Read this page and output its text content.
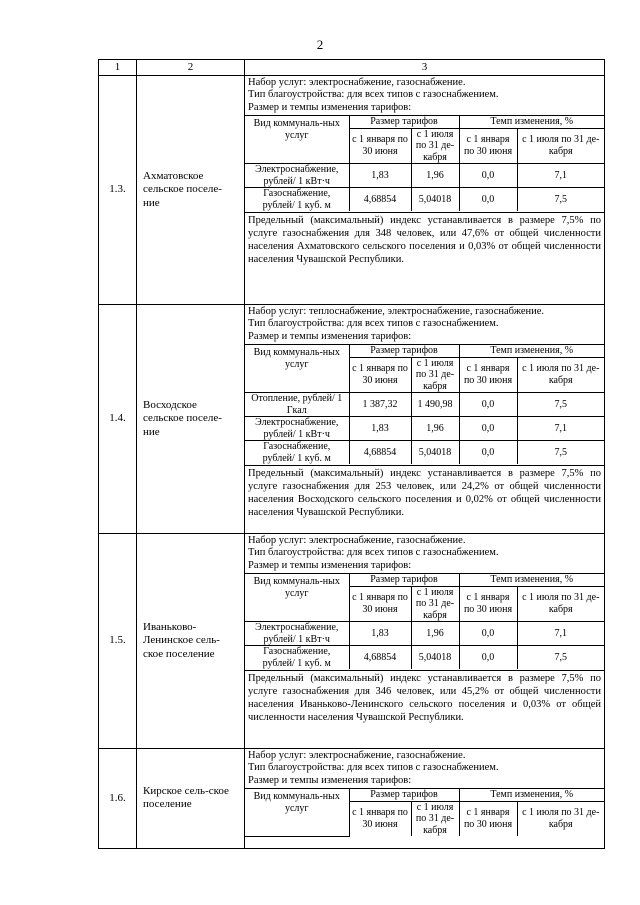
2
1	2	3
1.3.	Ахматовское сельское поселе-ние	
Набор услуг: электроснабжение, газоснабжение.
Тип благоустройства: для всех типов с газоснабжением.
Размер и темпы изменения тарифов:
Вид коммуналь-ных услуг	Размер тарифов	Темп изменения, %
с 1 января по 30 июня	с 1 июля по 31 де-кабря	с 1 января по 30 июня	с 1 июля по 31 де-кабря
Электроснабжение, рублей/ 1 кВт·ч	1,83	1,96	0,0	7,1
Газоснабжение, рублей/ 1 куб. м	4,68854	5,04018	0,0	7,5
Предельный (максимальный) индекс устанавливается в размере 7,5% по услуге газоснабжения для 348 человек, или 47,6% от общей численности населения Ахматовского сельского поселения и 0,03% от общей численности населения Чувашской Республики.

1.4.	Восходское сельское поселе-ние	
Набор услуг: теплоснабжение, электроснабжение, газоснабжение.
Тип благоустройства: для всех типов с газоснабжением.
Размер и темпы изменения тарифов:
Вид коммуналь-ных услуг	Размер тарифов	Темп изменения, %
с 1 января по 30 июня	с 1 июля по 31 де-кабря	с 1 января по 30 июня	с 1 июля по 31 де-кабря
Отопление, рублей/ 1 Гкал	1 387,32	1 490,98	0,0	7,5
Электроснабжение, рублей/ 1 кВт·ч	1,83	1,96	0,0	7,1
Газоснабжение, рублей/ 1 куб. м	4,68854	5,04018	0,0	7,5
Предельный (максимальный) индекс устанавливается в размере 7,5% по услуге газоснабжения для 253 человек, или 24,2% от общей численности населения Восходского сельского поселения и 0,02% от общей численности населения Чувашской Республики.

1.5.	Иваньково-Ленинское сель-ское поселение	
Набор услуг: электроснабжение, газоснабжение.
Тип благоустройства: для всех типов с газоснабжением.
Размер и темпы изменения тарифов:
Вид коммуналь-ных услуг	Размер тарифов	Темп изменения, %
с 1 января по 30 июня	с 1 июля по 31 де-кабря	с 1 января по 30 июня	с 1 июля по 31 де-кабря
Электроснабжение, рублей/ 1 кВт·ч	1,83	1,96	0,0	7,1
Газоснабжение, рублей/ 1 куб. м	4,68854	5,04018	0,0	7,5
Предельный (максимальный) индекс устанавливается в размере 7,5% по услуге газоснабжения для 346 человек, или 45,2% от общей численности населения Иваньково-Ленинского сельского поселения и 0,03% от общей численности населения Чувашской Республики.

1.6.	Кирское сель-ское поселение	
Набор услуг: электроснабжение, газоснабжение.
Тип благоустройства: для всех типов с газоснабжением.
Размер и темпы изменения тарифов:
Вид коммуналь-ных услуг	Размер тарифов	Темп изменения, %
с 1 января по 30 июня	с 1 июля по 31 де-кабря	с 1 января по 30 июня	с 1 июля по 31 де-кабря
